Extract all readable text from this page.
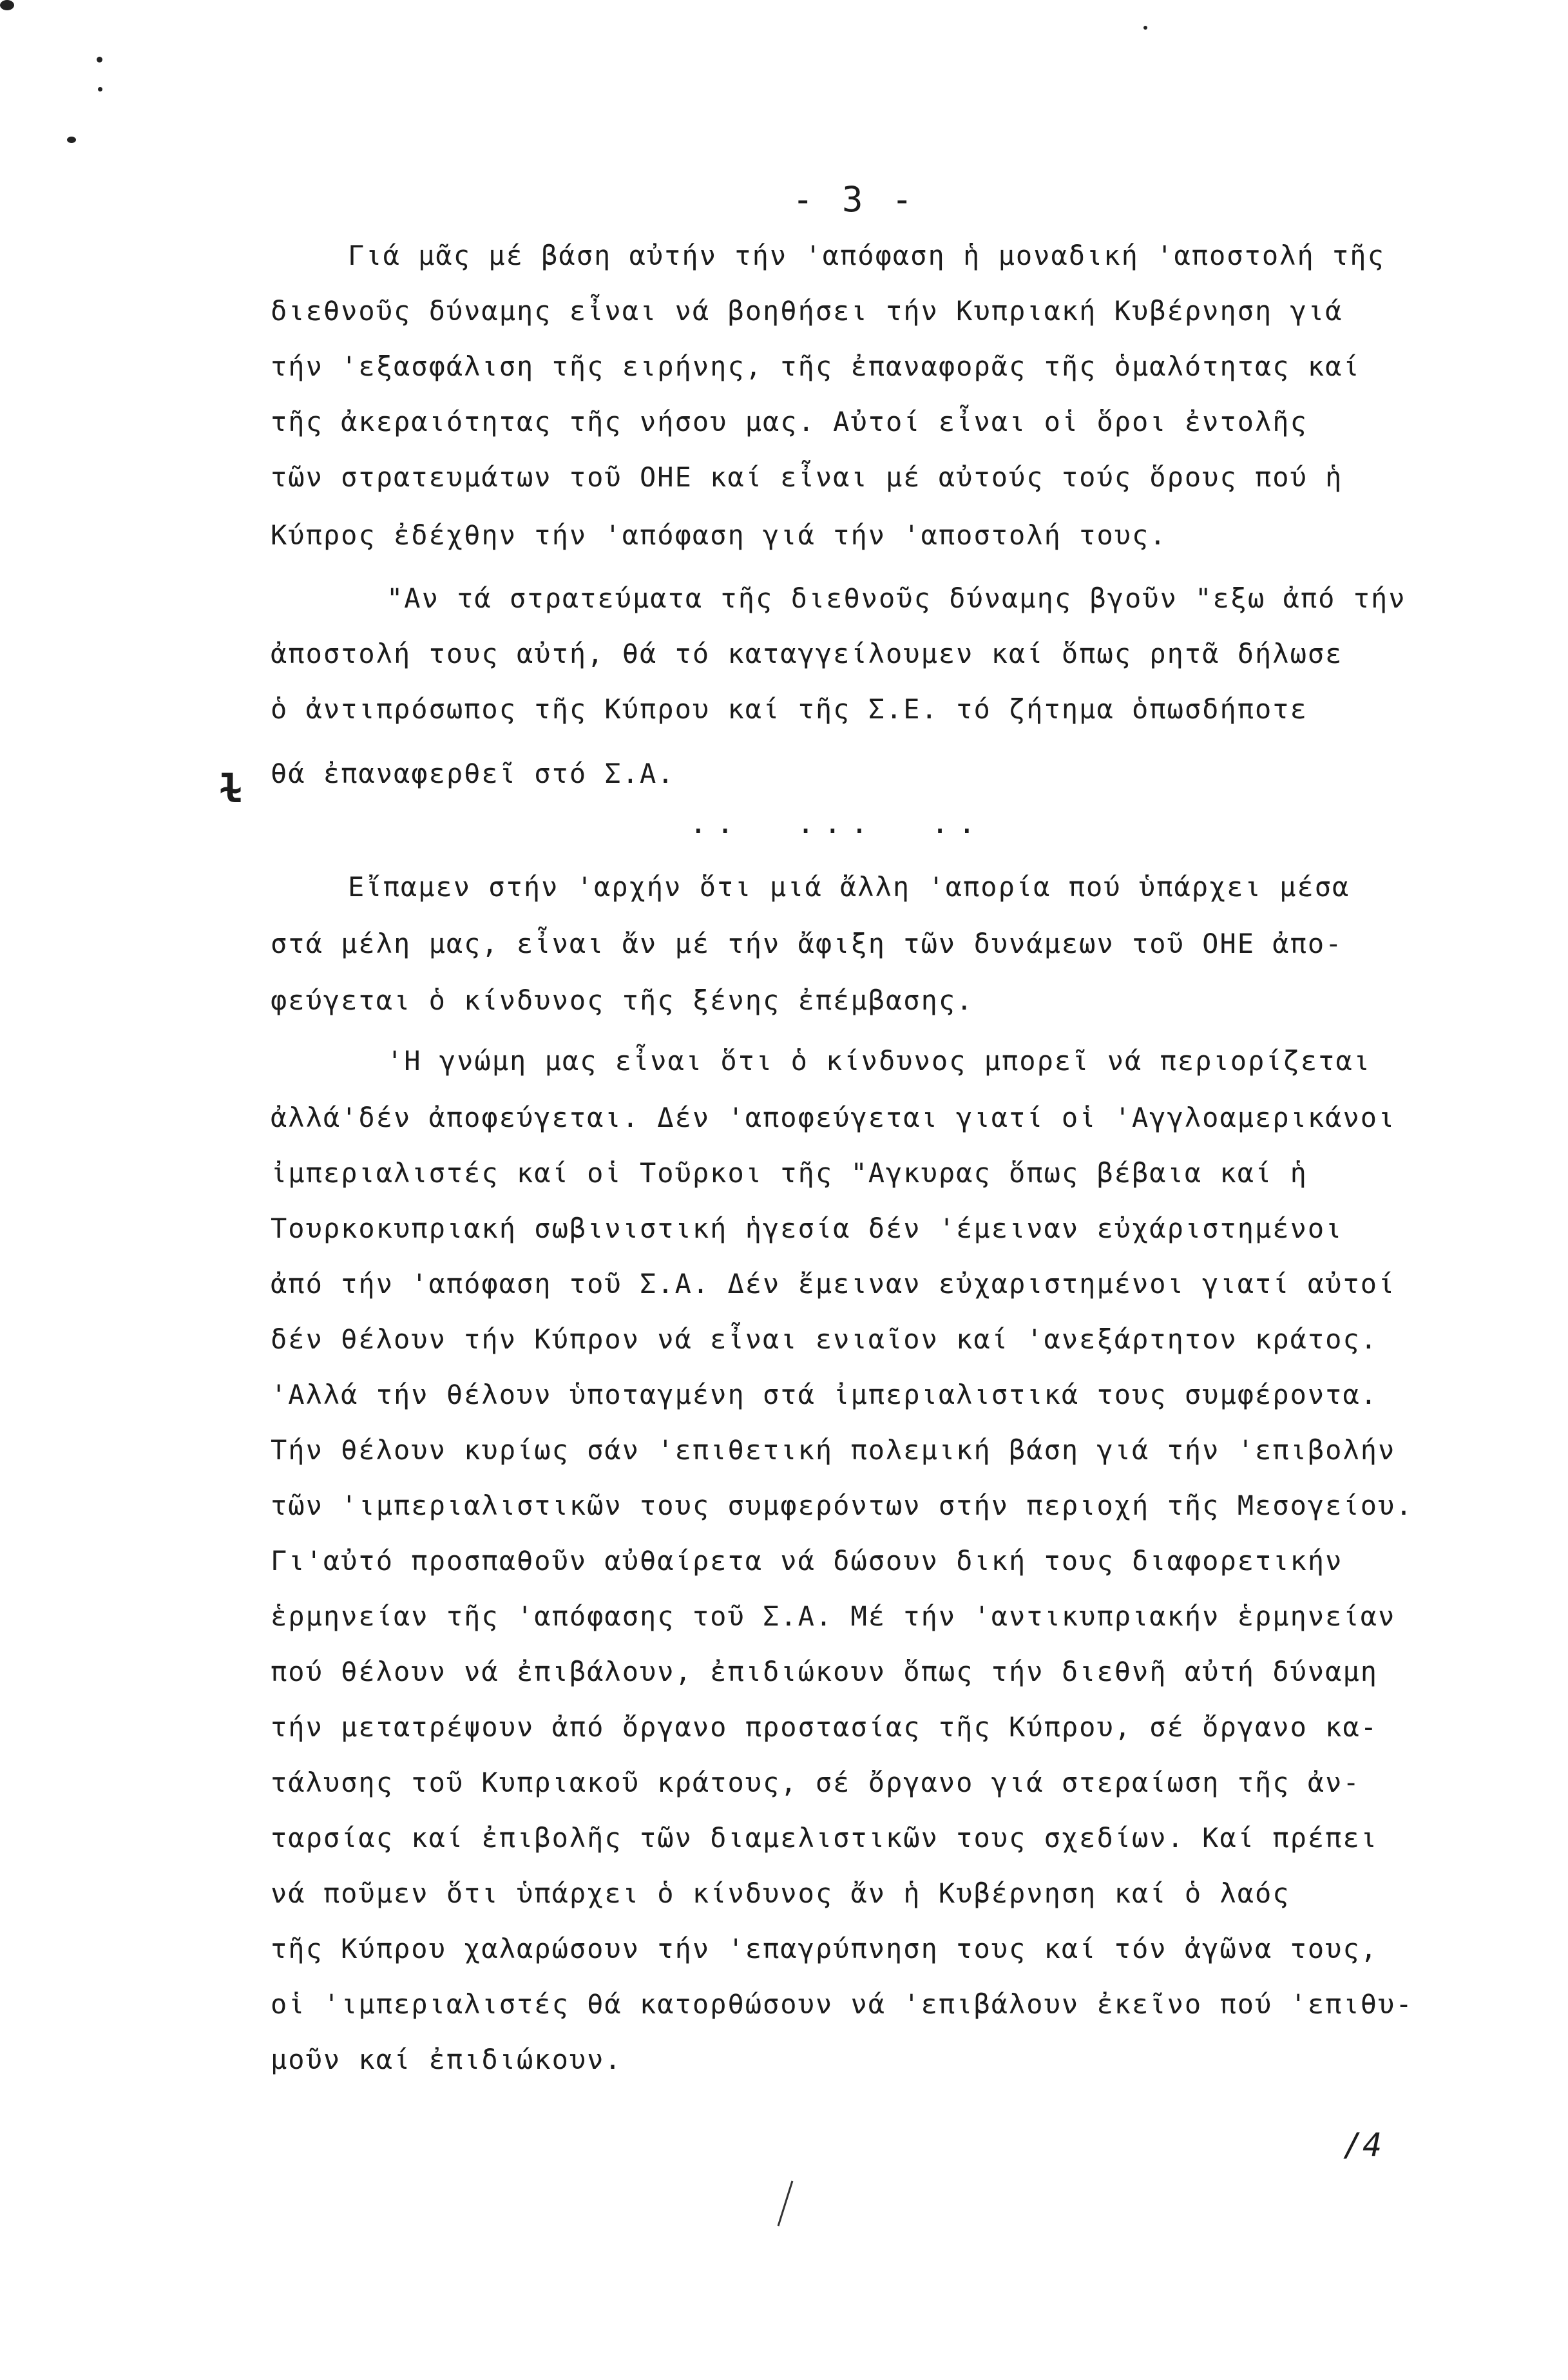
- 3 -
Γιά μᾶς μέ βάση αὐτήν τήν 'απόφαση ἡ μοναδική 'αποστολή τῆς
διεθνοῦς δύναμης εἶναι νά βοηθήσει τήν Κυπριακή Κυβέρνηση γιά
τήν 'εξασφάλιση τῆς ειρήνης, τῆς ἐπαναφορᾶς τῆς ὁμαλότητας καί
τῆς ἀκεραιότητας τῆς νήσου μας. Αὐτοί εἶναι οἱ ὅροι ἐντολῆς
τῶν στρατευμάτων τοῦ ΟΗΕ καί εἶναι μέ αὐτούς τούς ὅρους πού ἡ
Κύπρος ἐδέχθην τήν 'απόφαση γιά τήν 'αποστολή τους.
"Αν τά στρατεύματα τῆς διεθνοῦς δύναμης βγοῦν "εξω ἀπό τήν
ἀποστολή τους αὐτή, θά τό καταγγείλουμεν καί ὅπως ρητᾶ δήλωσε
ὁ ἀντιπρόσωπος τῆς Κύπρου καί τῆς Σ.Ε. τό ζήτημα ὁπωσδήποτε
ɫ θά ἐπαναφερθεῖ στό Σ.Α.
..  ...  ..
Εἴπαμεν στήν 'αρχήν ὅτι μιά ἄλλη 'απορία πού ὑπάρχει μέσα
στά μέλη μας, εἶναι ἄν μέ τήν ἄφιξη τῶν δυνάμεων τοῦ ΟΗΕ ἀπο-
φεύγεται ὁ κίνδυνος τῆς ξένης ἐπέμβασης.
'Η γνώμη μας εἶναι ὅτι ὁ κίνδυνος μπορεῖ νά περιορίζεται
ἀλλά'δέν ἀποφεύγεται. Δέν 'αποφεύγεται γιατί οἱ 'Αγγλοαμερικάνοι
ἰμπεριαλιστές καί οἱ Τοῦρκοι τῆς "Αγκυρας ὅπως βέβαια καί ἡ
Τουρκοκυπριακή σωβινιστική ἡγεσία δέν 'έμειναν εὐχάριστημένοι
ἀπό τήν 'απόφαση τοῦ Σ.Α. Δέν ἔμειναν εὐχαριστημένοι γιατί αὐτοί
δέν θέλουν τήν Κύπρον νά εἶναι ενιαῖον καί 'ανεξάρτητον κράτος.
'Αλλά τήν θέλουν ὑποταγμένη στά ἰμπεριαλιστικά τους συμφέροντα.
Τήν θέλουν κυρίως σάν 'επιθετική πολεμική βάση γιά τήν 'επιβολήν
τῶν 'ιμπεριαλιστικῶν τους συμφερόντων στήν περιοχή τῆς Μεσογείου.
Γι'αὐτό προσπαθοῦν αὐθαίρετα νά δώσουν δική τους διαφορετικήν
ἑρμηνείαν τῆς 'απόφασης τοῦ Σ.Α. Μέ τήν 'αντικυπριακήν ἑρμηνείαν
πού θέλουν νά ἐπιβάλουν, ἐπιδιώκουν ὅπως τήν διεθνῆ αὐτή δύναμη
τήν μετατρέψουν ἀπό ὄργανο προστασίας τῆς Κύπρου, σέ ὄργανο κα-
τάλυσης τοῦ Κυπριακοῦ κράτους, σέ ὄργανο γιά στεραίωση τῆς ἀν-
ταρσίας καί ἐπιβολῆς τῶν διαμελιστικῶν τους σχεδίων. Καί πρέπει
νά ποῦμεν ὅτι ὑπάρχει ὁ κίνδυνος ἄν ἡ Κυβέρνηση καί ὁ λαός
τῆς Κύπρου χαλαρώσουν τήν 'επαγρύπνηση τους καί τόν ἀγῶνα τους,
οἱ 'ιμπεριαλιστές θά κατορθώσουν νά 'επιβάλουν ἐκεῖνο πού 'επιθυ-
μοῦν καί ἐπιδιώκουν.
/4
